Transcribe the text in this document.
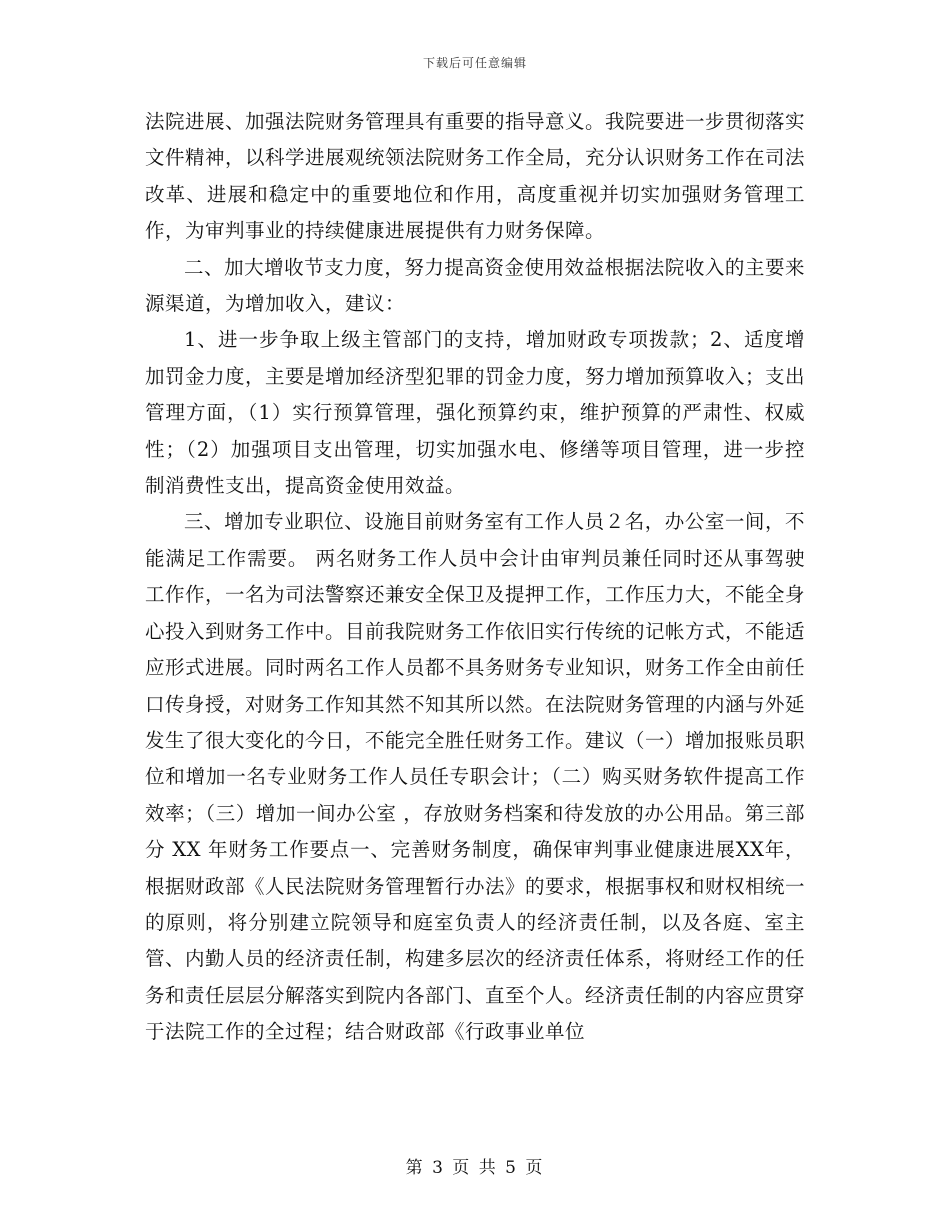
下载后可任意编辑

法院进展、加强法院财务管理具有重要的指导意义。我院要进一步贯彻落实文件精神，以科学进展观统领法院财务工作全局，充分认识财务工作在司法改革、进展和稳定中的重要地位和作用，高度重视并切实加强财务管理工作，为审判事业的持续健康进展提供有力财务保障。

二、加大增收节支力度，努力提高资金使用效益根据法院收入的主要来源渠道，为增加收入，建议：

1、进一步争取上级主管部门的支持，增加财政专项拨款；2、适度增加罚金力度，主要是增加经济型犯罪的罚金力度，努力增加预算收入；支出管理方面，（1）实行预算管理，强化预算约束，维护预算的严肃性、权威性；（2）加强项目支出管理，切实加强水电、修缮等项目管理，进一步控制消费性支出，提高资金使用效益。

三、增加专业职位、设施目前财务室有工作人员２名，办公室一间，不能满足工作需要。 两名财务工作人员中会计由审判员兼任同时还从事驾驶工作作，一名为司法警察还兼安全保卫及提押工作，工作压力大，不能全身心投入到财务工作中。目前我院财务工作依旧实行传统的记帐方式，不能适应形式进展。同时两名工作人员都不具务财务专业知识，财务工作全由前任口传身授，对财务工作知其然不知其所以然。在法院财务管理的内涵与外延发生了很大变化的今日，不能完全胜任财务工作。建议（一）增加报账员职位和增加一名专业财务工作人员任专职会计；（二）购买财务软件提高工作效率；（三）增加一间办公室 ，存放财务档案和待发放的办公用品。第三部分 XX 年财务工作要点一、完善财务制度，确保审判事业健康进展XX年，根据财政部《人民法院财务管理暂行办法》的要求，根据事权和财权相统一的原则，将分别建立院领导和庭室负责人的经济责任制，以及各庭、室主管、内勤人员的经济责任制，构建多层次的经济责任体系，将财经工作的任务和责任层层分解落实到院内各部门、直至个人。经济责任制的内容应贯穿于法院工作的全过程；结合财政部《行政事业单位

第 3 页 共 5 页
